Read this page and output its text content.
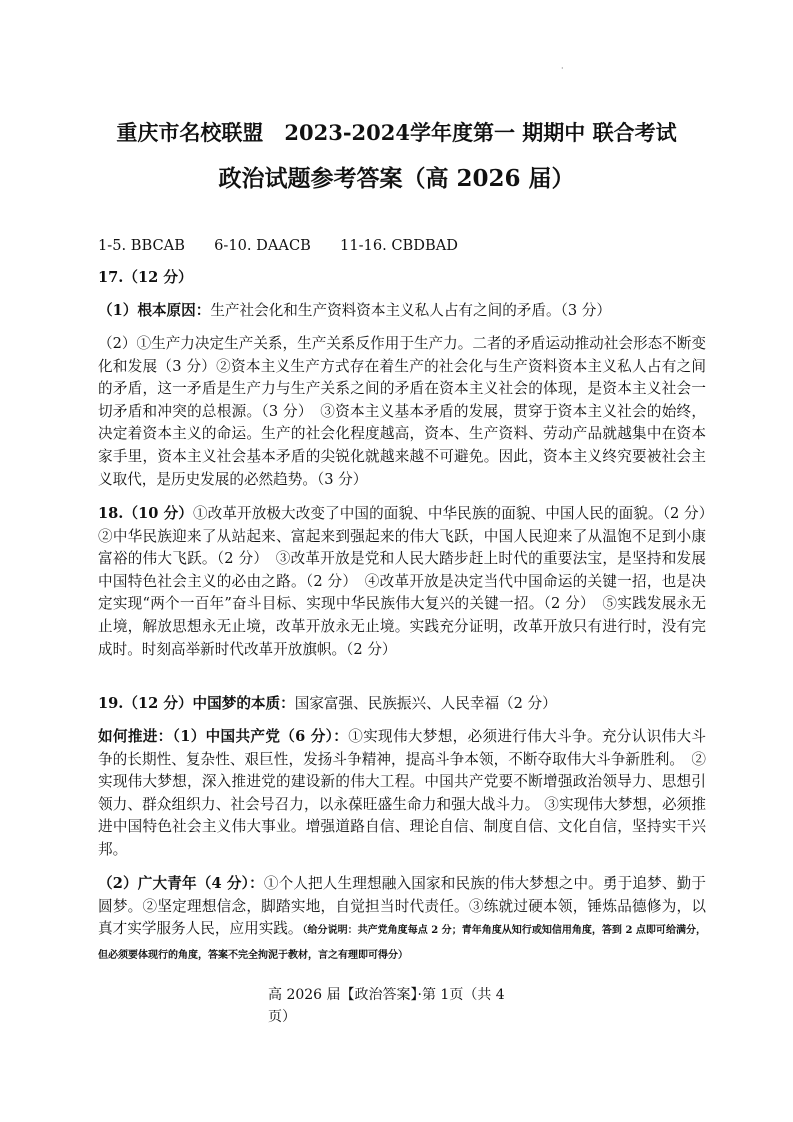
·
重庆市名校联盟　2023-2024学年度第一 期期中 联合考试
政治试题参考答案（高 2026 届）
1-5. BBCAB　　6-10. DAACB　　11-16. CBDBAD
17.（12 分）
（1）根本原因：生产社会化和生产资料资本主义私人占有之间的矛盾。（3 分）
（2）①生产力决定生产关系，生产关系反作用于生产力。二者的矛盾运动推动社会形态不断变化和发展（3 分）②资本主义生产方式存在着生产的社会化与生产资料资本主义私人占有之间的矛盾，这一矛盾是生产力与生产关系之间的矛盾在资本主义社会的体现，是资本主义社会一切矛盾和冲突的总根源。（3 分）　③资本主义基本矛盾的发展，贯穿于资本主义社会的始终，决定着资本主义的命运。生产的社会化程度越高，资本、生产资料、劳动产品就越集中在资本家手里，资本主义社会基本矛盾的尖锐化就越来越不可避免。因此，资本主义终究要被社会主义取代，是历史发展的必然趋势。（3 分）
18.（10 分）①改革开放极大改变了中国的面貌、中华民族的面貌、中国人民的面貌。（2 分）　②中华民族迎来了从站起来、富起来到强起来的伟大飞跃，中国人民迎来了从温饱不足到小康富裕的伟大飞跃。（2 分）　③改革开放是党和人民大踏步赶上时代的重要法宝，是坚持和发展中国特色社会主义的必由之路。（2 分）　④改革开放是决定当代中国命运的关键一招，也是决定实现“两个一百年”奋斗目标、实现中华民族伟大复兴的关键一招。（2 分）　⑤实践发展永无止境，解放思想永无止境，改革开放永无止境。实践充分证明，改革开放只有进行时，没有完成时。时刻高举新时代改革开放旗帜。（2 分）
19.（12 分）中国梦的本质：国家富强、民族振兴、人民幸福（2 分）
如何推进：（1）中国共产党（6 分）：①实现伟大梦想，必须进行伟大斗争。充分认识伟大斗争的长期性、复杂性、艰巨性，发扬斗争精神，提高斗争本领，不断夺取伟大斗争新胜利。　②实现伟大梦想，深入推进党的建设新的伟大工程。中国共产党要不断增强政治领导力、思想引领力、群众组织力、社会号召力，以永葆旺盛生命力和强大战斗力。 ③实现伟大梦想，必须推进中国特色社会主义伟大事业。增强道路自信、理论自信、制度自信、文化自信，坚持实干兴邦。
（2）广大青年（4 分）：①个人把人生理想融入国家和民族的伟大梦想之中。勇于追梦、勤于圆梦。②坚定理想信念，脚踏实地，自觉担当时代责任。③练就过硬本领，锤炼品德修为，以真才实学服务人民，应用实践。（给分说明：共产党角度每点 2 分；青年角度从知行或知信用角度，答到 2 点即可给满分，但必须要体现行的角度，答案不完全拘泥于教材，言之有理即可得分）
高 2026 届【政治答案】·第 1页（共 4 页）
